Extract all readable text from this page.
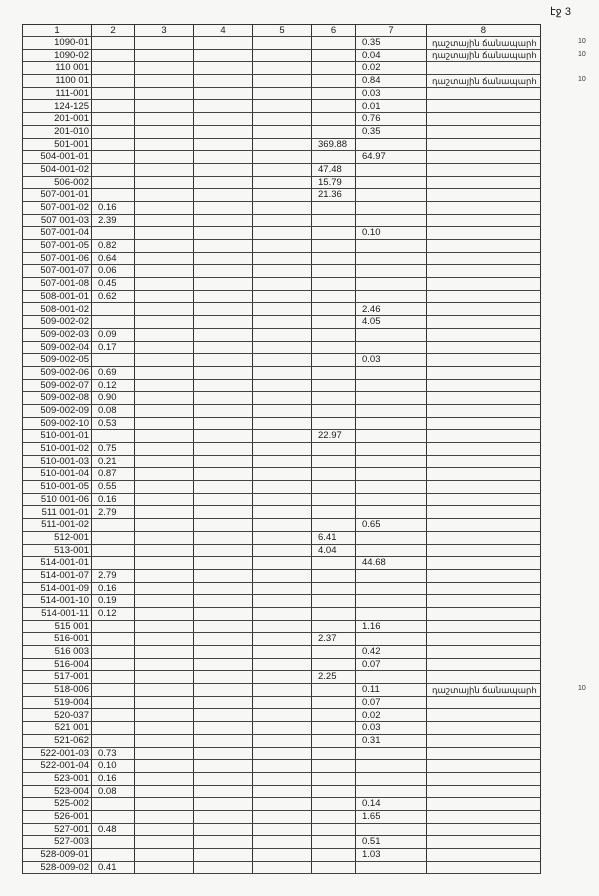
էջ 3
1	2	3	4	5	6	7	8
1090-01						0.35	դաշտային ճանապարհ
1090-02						0.04	դաշտային ճանապարհ
110 001						0.02	
1100 01						0.84	դաշտային ճանապարհ
111-001						0.03	
124-125						0.01	
201-001						0.76	
201-010						0.35	
501-001					369.88		
504-001-01						64.97	
504-001-02					47.48		
506-002					15.79		
507-001-01					21.36		
507-001-02	0.16						
507 001-03	2.39						
507-001-04						0.10	
507-001-05	0.82						
507-001-06	0.64						
507-001-07	0.06						
507-001-08	0.45						
508-001-01	0.62						
508-001-02						2.46	
509-002-02						4.05	
509-002-03	0.09						
509-002-04	0.17						
509-002-05						0.03	
509-002-06	0.69						
509-002-07	0.12						
509-002-08	0.90						
509-002-09	0.08						
509-002-10	0.53						
510-001-01					22.97		
510-001-02	0.75						
510-001-03	0.21						
510-001-04	0.87						
510-001-05	0.55						
510 001-06	0.16						
511 001-01	2.79						
511-001-02						0.65	
512-001					6.41		
513-001					4.04		
514-001-01						44.68	
514-001-07	2.79						
514-001-09	0.16						
514-001-10	0.19						
514-001-11	0.12						
515 001						1.16	
516-001					2.37		
516 003						0.42	
516-004						0.07	
517-001					2.25		
518-006						0.11	դաշտային ճանապարհ
519-004						0.07	
520-037						0.02	
521 001						0.03	
521-062						0.31	
522-001-03	0.73						
522-001-04	0.10						
523-001	0.16						
523-004	0.08						
525-002						0.14	
526-001						1.65	
527-001	0.48						
527-003						0.51	
528-009-01						1.03	
528-009-02	0.41						
10
10
10
10
